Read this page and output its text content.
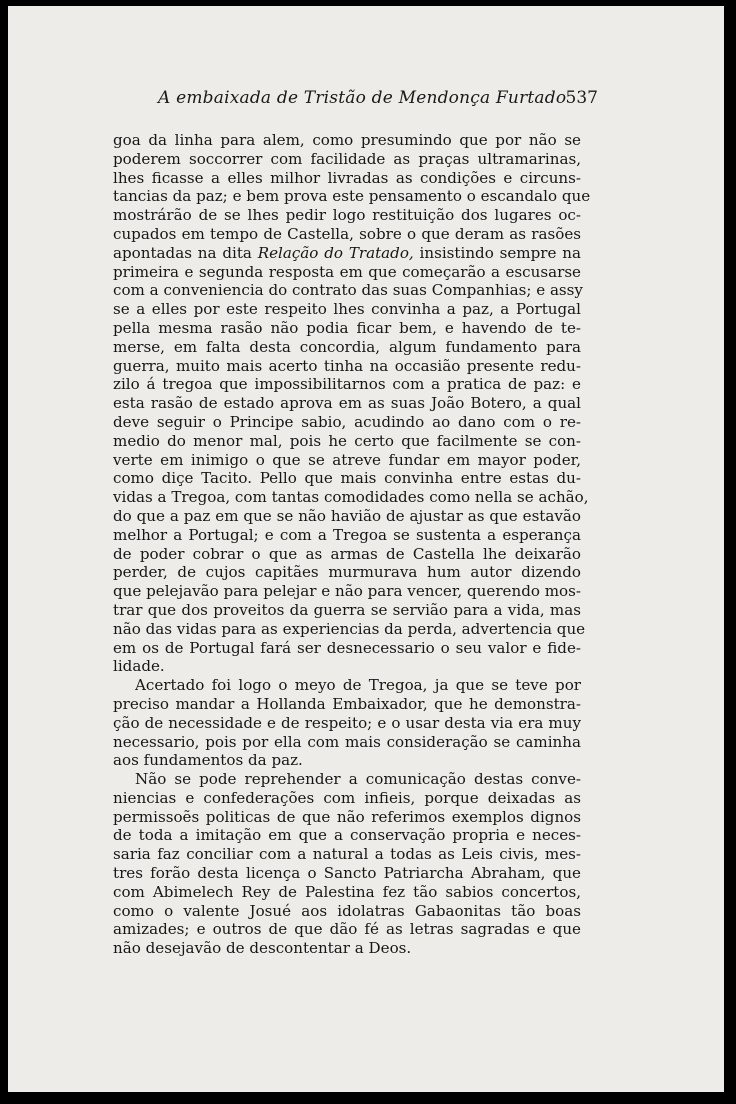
A embaixada de Tristão de Mendonça Furtado 537
goa da linha para alem, como presumindo que por não se
poderem soccorrer com facilidade as praças ultramarinas,
lhes ficasse a elles milhor livradas as condições e circuns-
tancias da paz; e bem prova este pensamento o escandalo que
mostrárão de se lhes pedir logo restituição dos lugares oc-
cupados em tempo de Castella, sobre o que deram as rasões
apontadas na dita Relação do Tratado, insistindo sempre na
primeira e segunda resposta em que começarão a escusarse
com a conveniencia do contrato das suas Companhias; e assy
se a elles por este respeito lhes convinha a paz, a Portugal
pella mesma rasão não podia ficar bem, e havendo de te-
merse, em falta desta concordia, algum fundamento para
guerra, muito mais acerto tinha na occasião presente redu-
zilo á tregoa que impossibilitarnos com a pratica de paz: e
esta rasão de estado aprova em as suas João Botero, a qual
deve seguir o Principe sabio, acudindo ao dano com o re-
medio do menor mal, pois he certo que facilmente se con-
verte em inimigo o que se atreve fundar em mayor poder,
como diçe Tacito. Pello que mais convinha entre estas du-
vidas a Tregoa, com tantas comodidades como nella se achão,
do que a paz em que se não havião de ajustar as que estavão
melhor a Portugal; e com a Tregoa se sustenta a esperança
de poder cobrar o que as armas de Castella lhe deixarão
perder, de cujos capitães murmurava hum autor dizendo
que pelejavão para pelejar e não para vencer, querendo mos-
trar que dos proveitos da guerra se servião para a vida, mas
não das vidas para as experiencias da perda, advertencia que
em os de Portugal fará ser desnecessario o seu valor e fide-
lidade.
Acertado foi logo o meyo de Tregoa, ja que se teve por
preciso mandar a Hollanda Embaixador, que he demonstra-
ção de necessidade e de respeito; e o usar desta via era muy
necessario, pois por ella com mais consideração se caminha
aos fundamentos da paz.
Não se pode reprehender a comunicação destas conve-
niencias e confederações com infieis, porque deixadas as
permissoẽs politicas de que não referimos exemplos dignos
de toda a imitação em que a conservação propria e neces-
saria faz conciliar com a natural a todas as Leis civis, mes-
tres forão desta licença o Sancto Patriarcha Abraham, que
com Abimelech Rey de Palestina fez tão sabios concertos,
como o valente Josué aos idolatras Gabaonitas tão boas
amizades; e outros de que dão fé as letras sagradas e que
não desejavão de descontentar a Deos.
